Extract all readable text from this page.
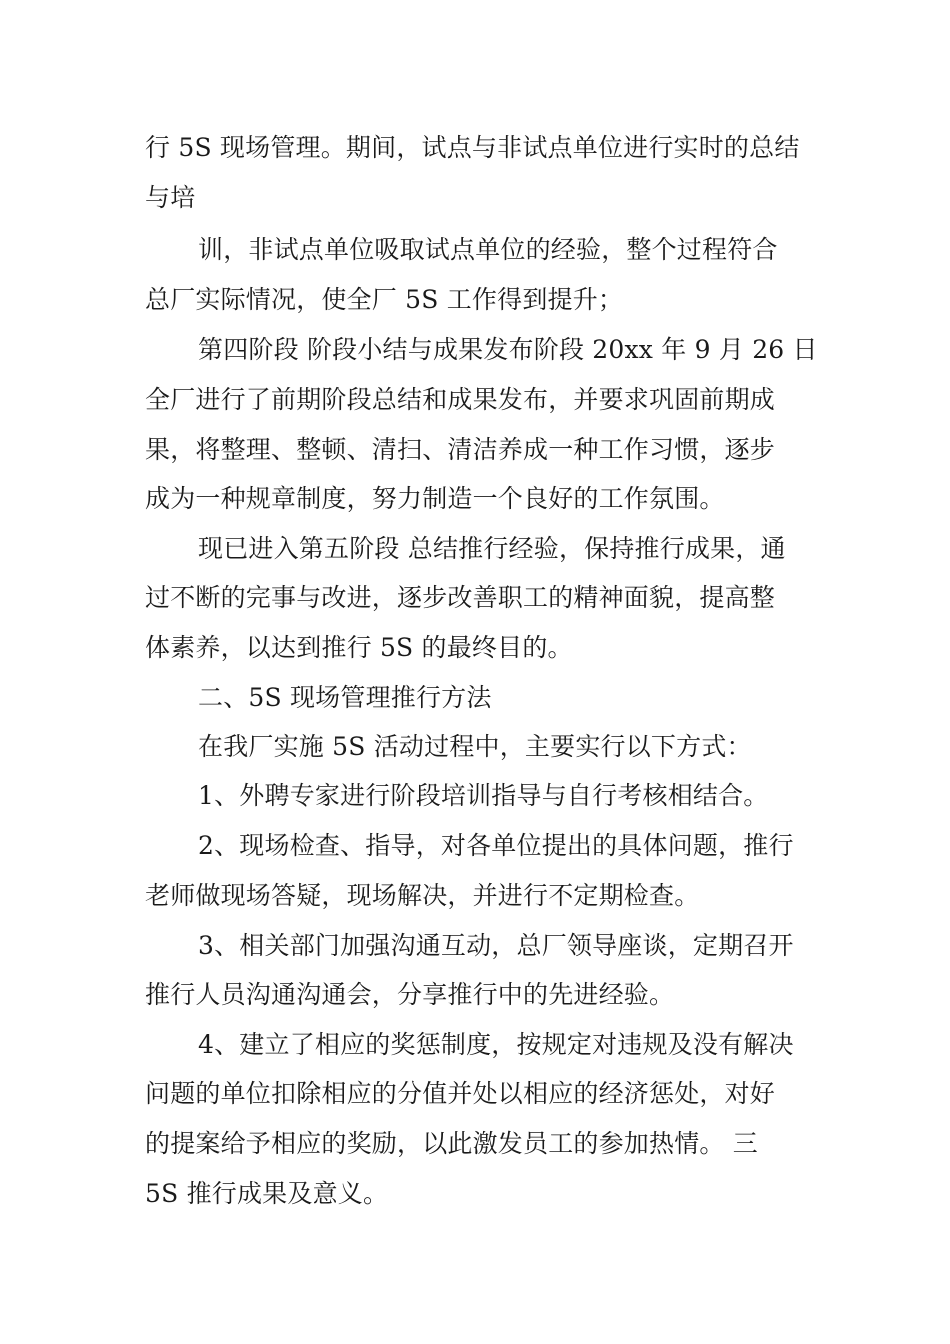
行 5S 现场管理。期间，试点与非试点单位进行实时的总结
与培
训，非试点单位吸取试点单位的经验，整个过程符合
总厂实际情况，使全厂 5S 工作得到提升；
第四阶段 阶段小结与成果发布阶段 20xx 年 9 月 26 日
全厂进行了前期阶段总结和成果发布，并要求巩固前期成
果，将整理、整顿、清扫、清洁养成一种工作习惯，逐步
成为一种规章制度，努力制造一个良好的工作氛围。
现已进入第五阶段 总结推行经验，保持推行成果，通
过不断的完事与改进，逐步改善职工的精神面貌，提高整
体素养，以达到推行 5S 的最终目的。
二、5S 现场管理推行方法
在我厂实施 5S 活动过程中，主要实行以下方式：
1、外聘专家进行阶段培训指导与自行考核相结合。
2、现场检查、指导，对各单位提出的具体问题，推行
老师做现场答疑，现场解决，并进行不定期检查。
3、相关部门加强沟通互动，总厂领导座谈，定期召开
推行人员沟通沟通会，分享推行中的先进经验。
4、建立了相应的奖惩制度，按规定对违规及没有解决
问题的单位扣除相应的分值并处以相应的经济惩处，对好
的提案给予相应的奖励，以此激发员工的参加热情。 三
5S 推行成果及意义。
